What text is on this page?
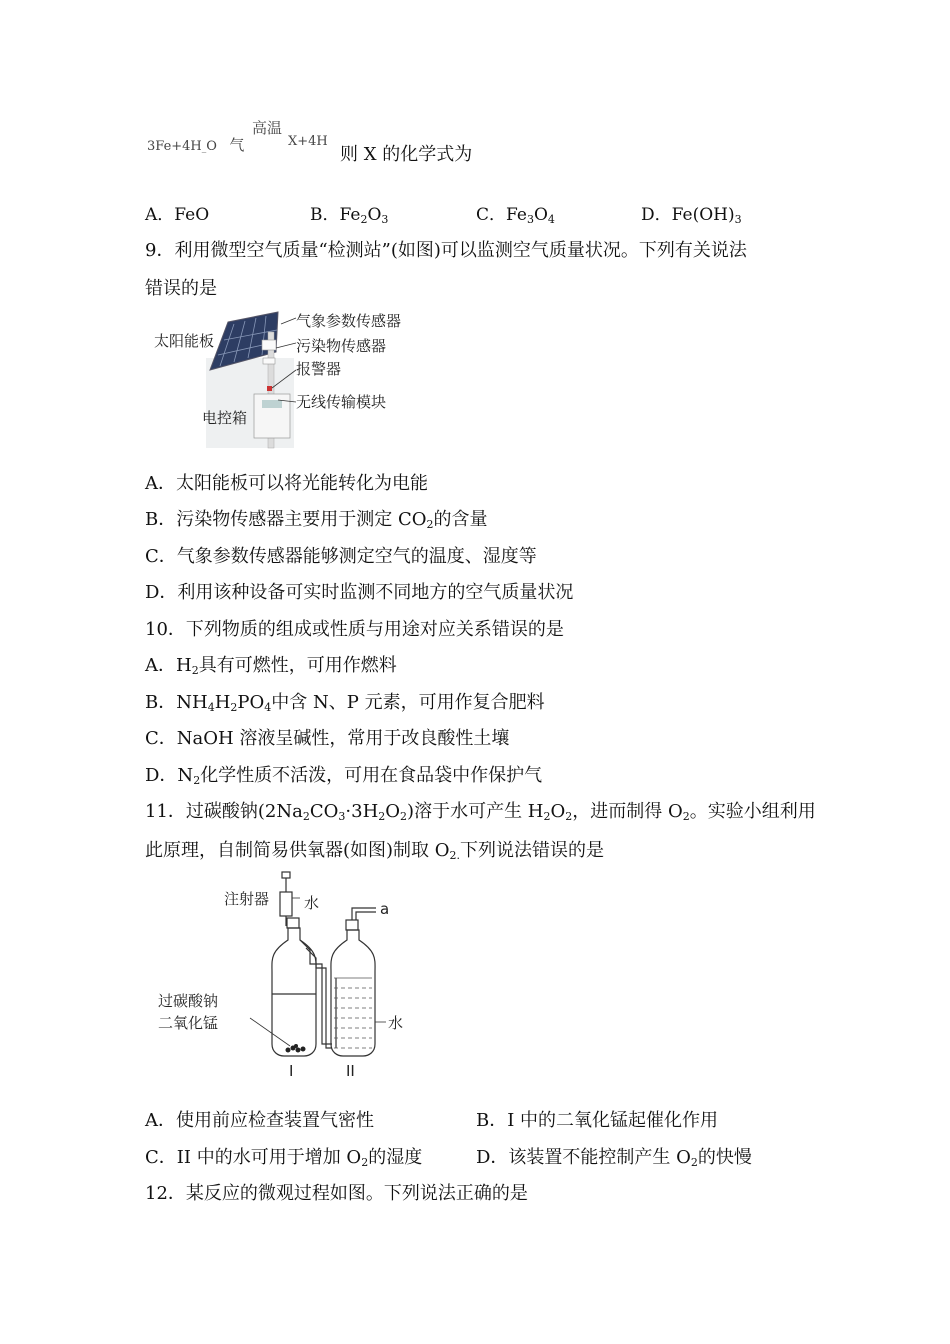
3Fe+4H_O 气
高温
X+4H
则 X 的化学式为
A．FeO	B．$Fe_2O_3$	C．$Fe_3O_4$	D．$Fe(OH)_3$
9．利用微型空气质量“检测站”(如图)可以监测空气质量状况。下列有关说法
错误的是
太阳能板
电控箱
气象参数传感器
污染物传感器
报警器
无线传输模块
A．太阳能板可以将光能转化为电能
B．污染物传感器主要用于测定 $CO_2$的含量
C．气象参数传感器能够测定空气的温度、湿度等
D．利用该种设备可实时监测不同地方的空气质量状况
10．下列物质的组成或性质与用途对应关系错误的是
A．$H_2$具有可燃性，可用作燃料
B．$NH_4H_2PO_4$中含 N、P 元素，可用作复合肥料
C．NaOH 溶液呈碱性，常用于改良酸性土壤
D．$N_2$化学性质不活泼，可用在食品袋中作保护气
11．过碳酸钠$(2Na_2CO_3\cdot 3H_2O_2)$溶于水可产生 $H_2O_2$，进而制得 $O_2$。实验小组利用
此原理，自制简易供氧器(如图)制取 $O_{2.}$下列说法错误的是
注射器 水	a
过碳酸钠
二氧化锰	水
I	II
A．使用前应检查装置气密性	B．I 中的二氧化锰起催化作用
C．II 中的水可用于增加 $O_2$的湿度	D．该装置不能控制产生 $O_2$的快慢
12．某反应的微观过程如图。下列说法正确的是
